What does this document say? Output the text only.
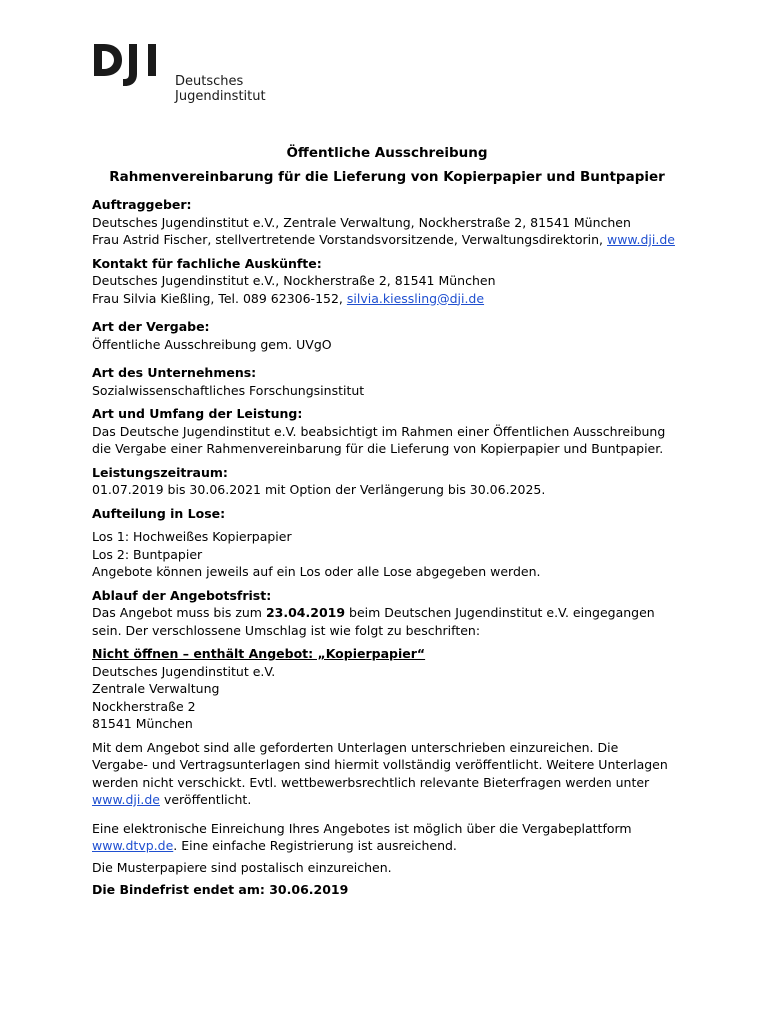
Deutsches
Jugendinstitut
Öffentliche Ausschreibung
Rahmenvereinbarung für die Lieferung von Kopierpapier und Buntpapier
Auftraggeber:
Deutsches Jugendinstitut e.V., Zentrale Verwaltung, Nockherstraße 2, 81541 München
Frau Astrid Fischer, stellvertretende Vorstandsvorsitzende, Verwaltungsdirektorin, www.dji.de
Kontakt für fachliche Auskünfte:
Deutsches Jugendinstitut e.V., Nockherstraße 2, 81541 München
Frau Silvia Kießling, Tel. 089 62306-152, silvia.kiessling@dji.de
Art der Vergabe:
Öffentliche Ausschreibung gem. UVgO
Art des Unternehmens:
Sozialwissenschaftliches Forschungsinstitut
Art und Umfang der Leistung:
Das Deutsche Jugendinstitut e.V. beabsichtigt im Rahmen einer Öffentlichen Ausschreibung
die Vergabe einer Rahmenvereinbarung für die Lieferung von Kopierpapier und Buntpapier.
Leistungszeitraum:
01.07.2019 bis 30.06.2021 mit Option der Verlängerung bis 30.06.2025.
Aufteilung in Lose:
Los 1: Hochweißes Kopierpapier
Los 2: Buntpapier
Angebote können jeweils auf ein Los oder alle Lose abgegeben werden.
Ablauf der Angebotsfrist:
Das Angebot muss bis zum 23.04.2019 beim Deutschen Jugendinstitut e.V. eingegangen
sein. Der verschlossene Umschlag ist wie folgt zu beschriften:
Nicht öffnen – enthält Angebot: „Kopierpapier“
Deutsches Jugendinstitut e.V.
Zentrale Verwaltung
Nockherstraße 2
81541 München
Mit dem Angebot sind alle geforderten Unterlagen unterschrieben einzureichen. Die
Vergabe- und Vertragsunterlagen sind hiermit vollständig veröffentlicht. Weitere Unterlagen
werden nicht verschickt. Evtl. wettbewerbsrechtlich relevante Bieterfragen werden unter
www.dji.de veröffentlicht.
Eine elektronische Einreichung Ihres Angebotes ist möglich über die Vergabeplattform
www.dtvp.de. Eine einfache Registrierung ist ausreichend.
Die Musterpapiere sind postalisch einzureichen.
Die Bindefrist endet am: 30.06.2019
